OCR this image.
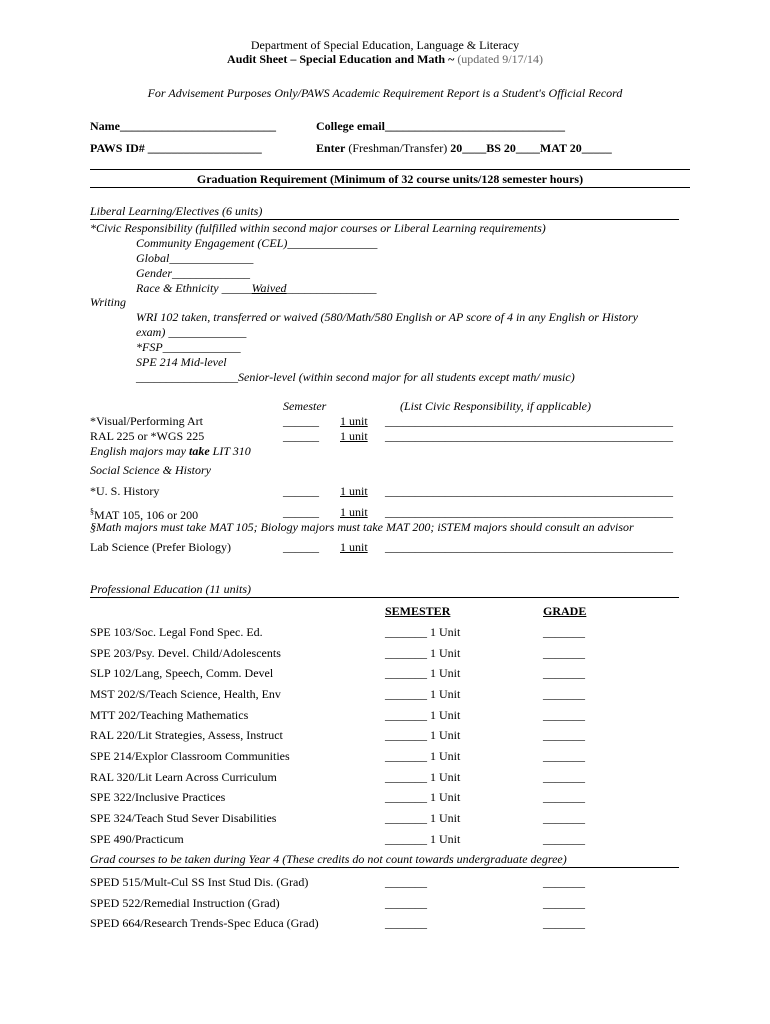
Department of Special Education, Language & Literacy
Audit Sheet – Special Education and Math ~ (updated 9/17/14)
For Advisement Purposes Only/PAWS Academic Requirement Report is a Student's Official Record
Name__________________________	College email______________________________
PAWS ID# ___________________	Enter (Freshman/Transfer) 20____BS 20____MAT 20_____
Graduation Requirement (Minimum of 32 course units/128 semester hours)
Liberal Learning/Electives (6 units)
*Civic Responsibility (fulfilled within second major courses or Liberal Learning requirements)
Community Engagement (CEL)_______________
Global______________
Gender_____________
Race & Ethnicity _____Waived_______________
Writing
WRI 102 taken, transferred or waived (580/Math/580 English or AP score of 4 in any English or History
exam) _____________
*FSP_____________
SPE 214 Mid-level
_________________Senior-level (within second major for all students except math/ music)
Semester	(List Civic Responsibility, if applicable)
*Visual/Performing Art	______ 1 unit ________________________________________________
RAL 225 or *WGS 225	______ 1 unit ________________________________________________
English majors may take LIT 310
Social Science & History
*U. S. History	______ 1 unit ________________________________________________
§MAT 105, 106 or 200	______ 1 unit ________________________________________________
§Math majors must take MAT 105; Biology majors must take MAT 200; iSTEM majors should consult an advisor
Lab Science (Prefer Biology)	______ 1 unit ________________________________________________
Professional Education (11 units)
SEMESTER	GRADE
SPE 103/Soc. Legal Fond Spec. Ed.	_______ 1 Unit	_______
SPE 203/Psy. Devel. Child/Adolescents	_______ 1 Unit	_______
SLP 102/Lang, Speech, Comm. Devel	_______ 1 Unit	_______
MST 202/S/Teach Science, Health, Env	_______ 1 Unit	_______
MTT 202/Teaching Mathematics	_______ 1 Unit	_______
RAL 220/Lit Strategies, Assess, Instruct	_______ 1 Unit	_______
SPE 214/Explor Classroom Communities	_______ 1 Unit	_______
RAL 320/Lit Learn Across Curriculum	_______ 1 Unit	_______
SPE 322/Inclusive Practices	_______ 1 Unit	_______
SPE 324/Teach Stud Sever Disabilities	_______ 1 Unit	_______
SPE 490/Practicum	_______ 1 Unit	_______
Grad courses to be taken during Year 4 (These credits do not count towards undergraduate degree)
SPED 515/Mult-Cul SS Inst Stud Dis. (Grad)	_______	_______
SPED 522/Remedial Instruction (Grad)	_______	_______
SPED 664/Research Trends-Spec Educa (Grad)	_______	_______
